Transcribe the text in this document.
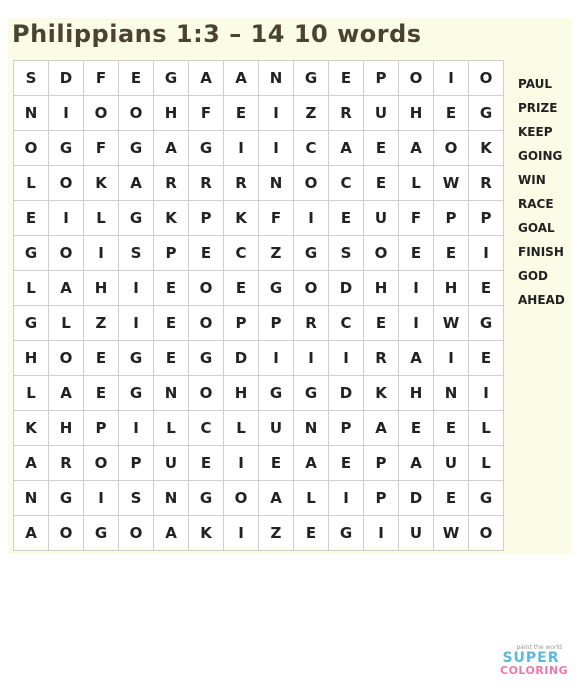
Philippians 1:3 – 14 10 words
S	D	F	E	G	A	A	N	G	E	P	O	I	O
N	I	O	O	H	F	E	I	Z	R	U	H	E	G
O	G	F	G	A	G	I	I	C	A	E	A	O	K
L	O	K	A	R	R	R	N	O	C	E	L	W	R
E	I	L	G	K	P	K	F	I	E	U	F	P	P
G	O	I	S	P	E	C	Z	G	S	O	E	E	I
L	A	H	I	E	O	E	G	O	D	H	I	H	E
G	L	Z	I	E	O	P	P	R	C	E	I	W	G
H	O	E	G	E	G	D	I	I	I	R	A	I	E
L	A	E	G	N	O	H	G	G	D	K	H	N	I
K	H	P	I	L	C	L	U	N	P	A	E	E	L
A	R	O	P	U	E	I	E	A	E	P	A	U	L
N	G	I	S	N	G	O	A	L	I	P	D	E	G
A	O	G	O	A	K	I	Z	E	G	I	U	W	O
PAUL
PRIZE
KEEP
GOING
WIN
RACE
GOAL
FINISH
GOD
AHEAD
paint the world
SUPER
COLORING
